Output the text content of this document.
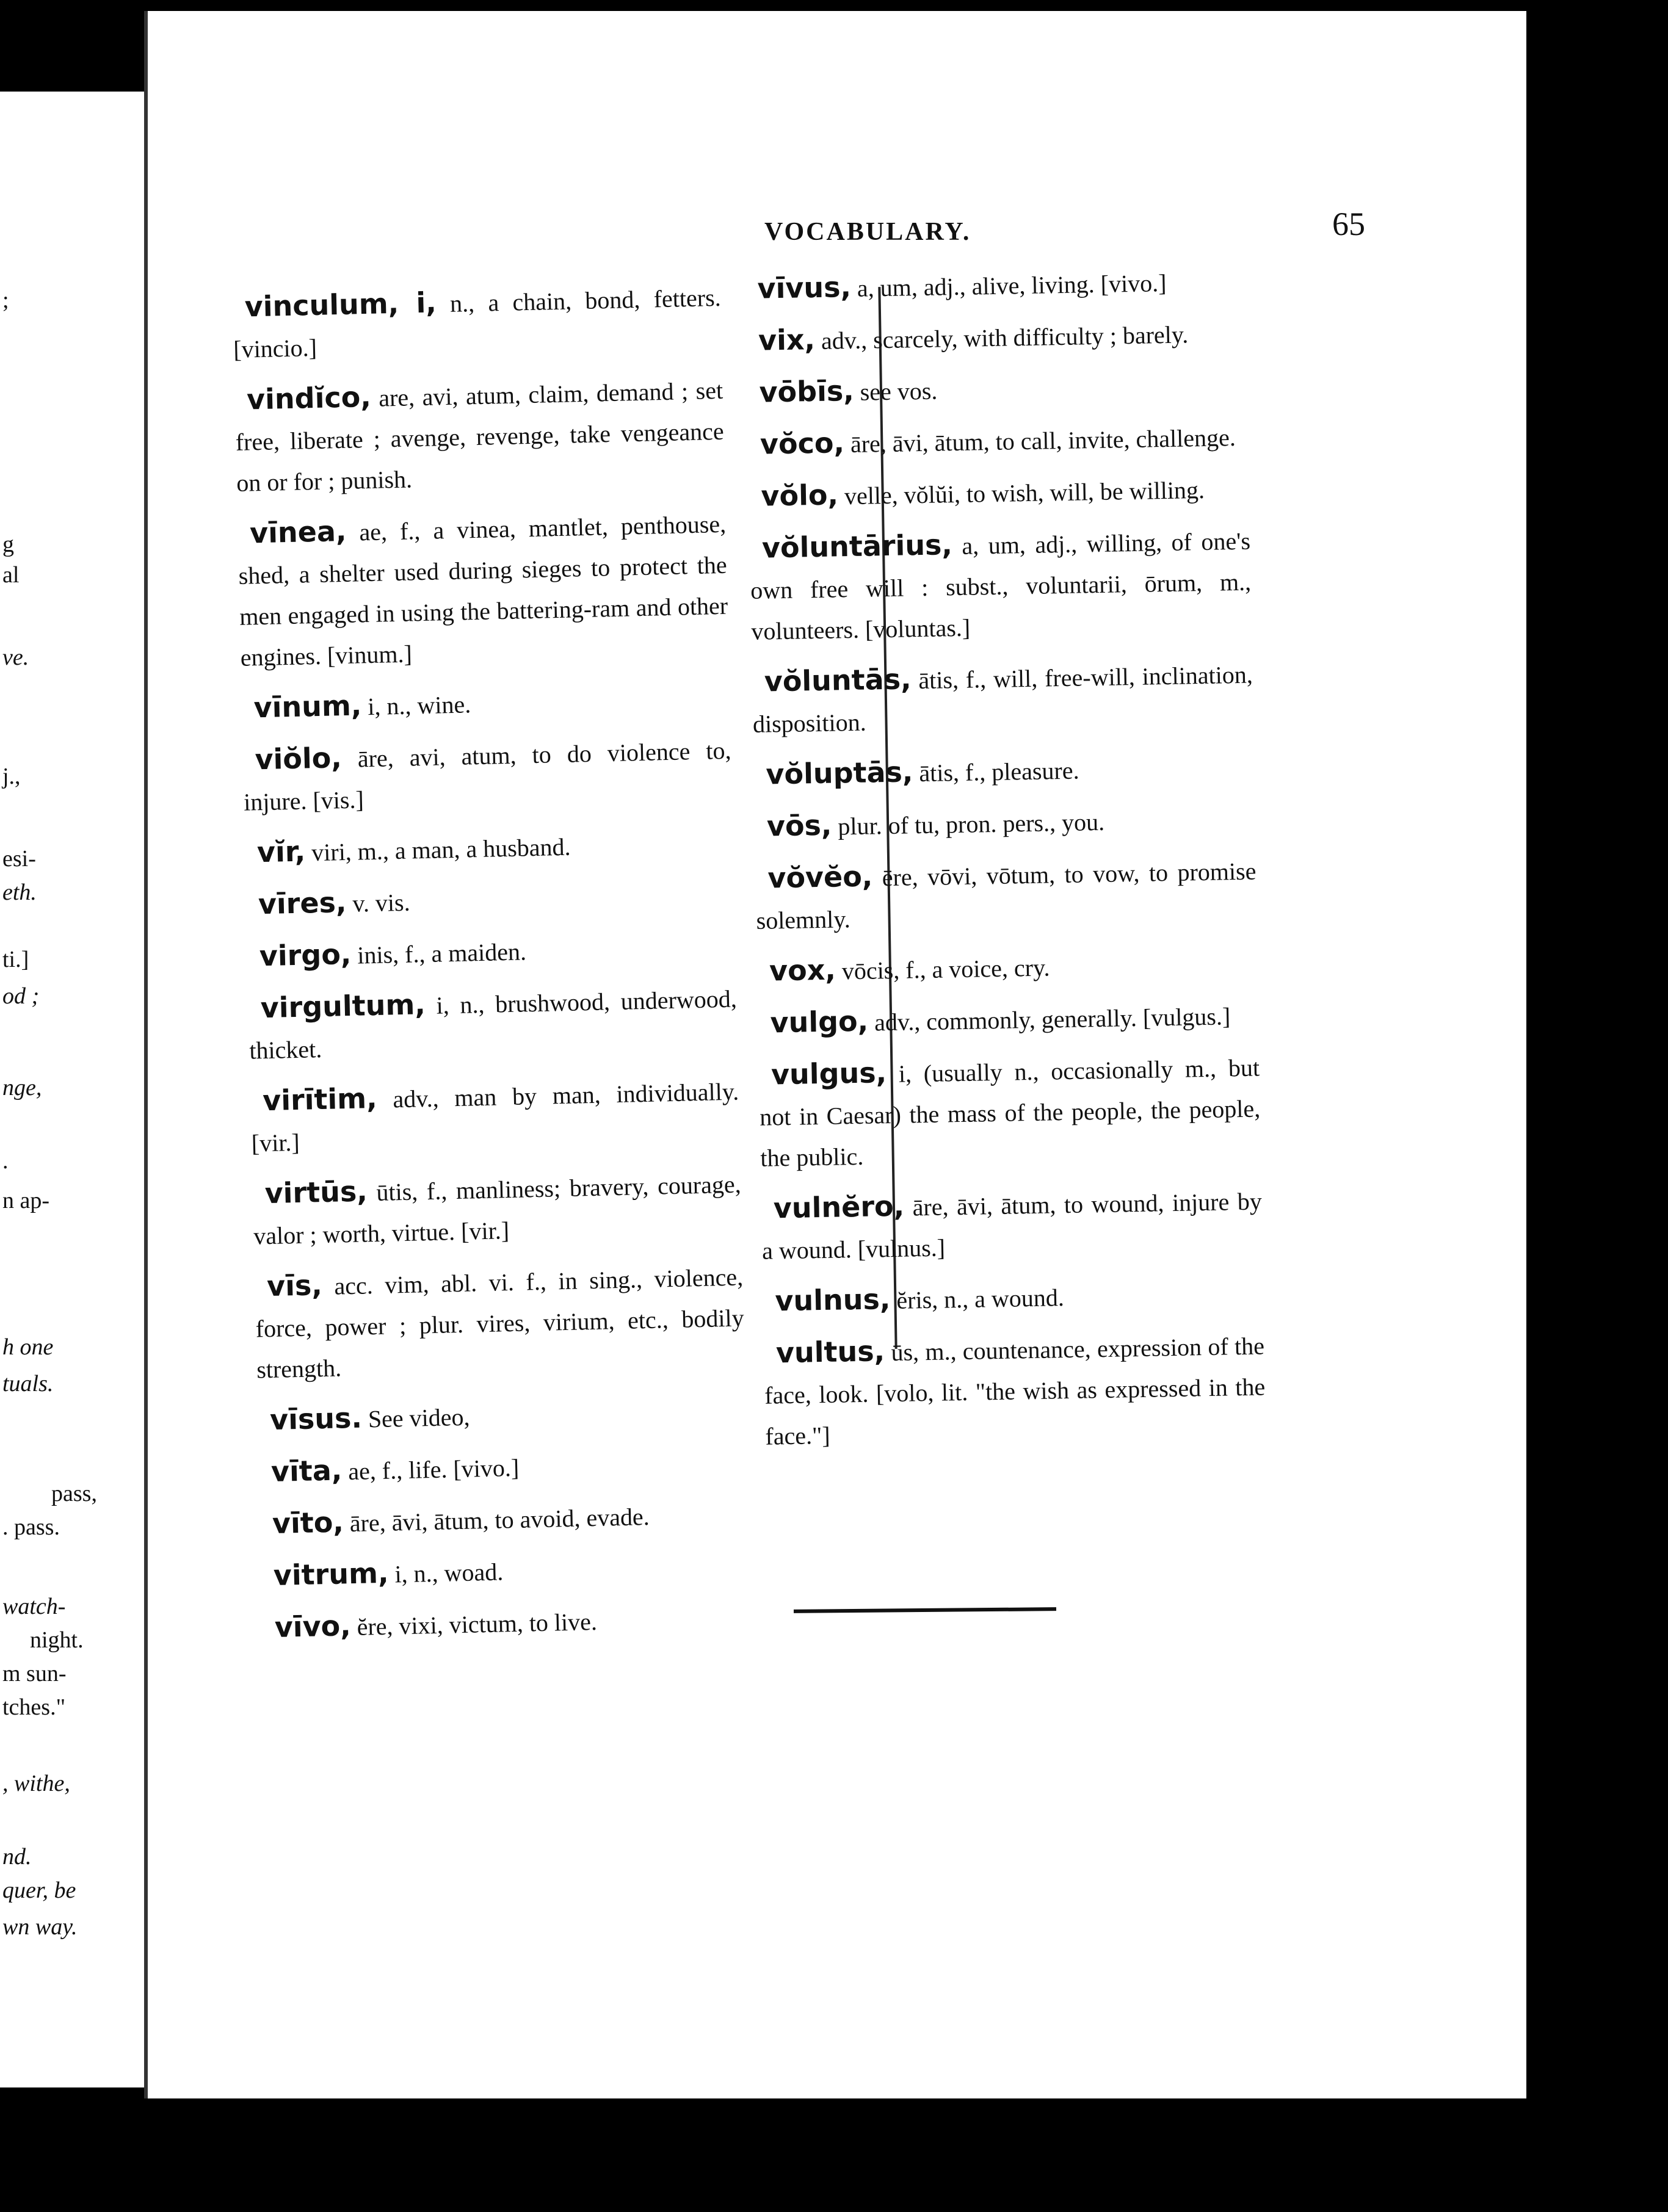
;
g
al
ve.
j.,
esi-
eth.
ti.]
od ;
nge,
.
n ap-
h one
tuals.
pass,
. pass.
watch-
night.
m sun-
tches."
, withe,
nd.
quer, be
wn way.
VOCABULARY.	65

vinculum, i, n., a chain, bond, fetters. [vincio.]

vindĭco, are, avi, atum, claim, demand ; set free, liberate ; avenge, revenge, take vengeance on or for ; punish.

vīnea, ae, f., a vinea, mantlet, penthouse, shed, a shelter used during sieges to protect the men engaged in using the battering-ram and other engines. [vinum.]

vīnum, i, n., wine.

viŏlo, āre, avi, atum, to do violence to, injure. [vis.]

vĭr, viri, m., a man, a husband.

vīres, v. vis.

virgo, inis, f., a maiden.

virgultum, i, n., brushwood, underwood, thicket.

virītim, adv., man by man, individually. [vir.]

virtūs, ūtis, f., manliness; bravery, courage, valor ; worth, virtue. [vir.]

vīs, acc. vim, abl. vi. f., in sing., violence, force, power ; plur. vires, virium, etc., bodily strength.

vīsus. See video,

vīta, ae, f., life. [vivo.]

vīto, āre, āvi, ātum, to avoid, evade.

vitrum, i, n., woad.

vīvo, ĕre, vixi, victum, to live.

vīvus, a, um, adj., alive, living. [vivo.]

vix, adv., scarcely, with difficulty ; barely.

vōbīs, see vos.

vŏco, āre, āvi, ātum, to call, invite, challenge.

vŏlo, velle, vŏlŭi, to wish, will, be willing.

vŏluntārius, a, um, adj., willing, of one's own free will : subst., voluntarii, ōrum, m., volunteers. [voluntas.]

vŏluntās, ātis, f., will, free-will, inclination, disposition.

vŏluptās, ātis, f., pleasure.

vōs, plur. of tu, pron. pers., you.

vŏvĕo, ēre, vōvi, vōtum, to vow, to promise solemnly.

vox, vōcis, f., a voice, cry.

vulgo, adv., commonly, generally. [vulgus.]

vulgus, i, (usually n., occasionally m., but not in Caesar) the mass of the people, the people, the public.

vulnĕro, āre, āvi, ātum, to wound, injure by a wound. [vulnus.]

vulnus, ĕris, n., a wound.

vultus, ūs, m., countenance, expression of the face, look. [volo, lit. "the wish as expressed in the face."]
